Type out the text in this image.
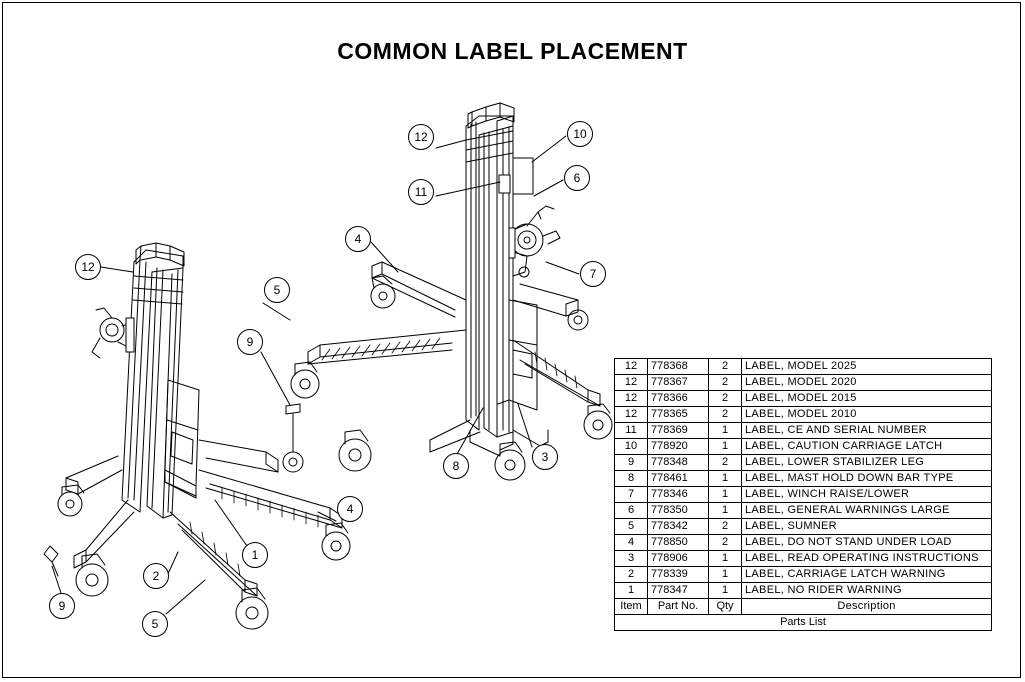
COMMON LABEL PLACEMENT
12
9
5
1
2
5
4
9
12
11
10
6
7
4
8
3
12	778368	2	LABEL, MODEL 2025
12	778367	2	LABEL, MODEL 2020
12	778366	2	LABEL, MODEL 2015
12	778365	2	LABEL, MODEL 2010
11	778369	1	LABEL, CE AND SERIAL NUMBER
10	778920	1	LABEL, CAUTION CARRIAGE LATCH
9	778348	2	LABEL, LOWER STABILIZER LEG
8	778461	1	LABEL, MAST HOLD DOWN BAR TYPE
7	778346	1	LABEL, WINCH RAISE/LOWER
6	778350	1	LABEL, GENERAL WARNINGS LARGE
5	778342	2	LABEL, SUMNER
4	778850	2	LABEL, DO NOT STAND UNDER LOAD
3	778906	1	LABEL, READ OPERATING INSTRUCTIONS
2	778339	1	LABEL, CARRIAGE LATCH WARNING
1	778347	1	LABEL, NO RIDER WARNING
Item	Part No.	Qty	Description
Parts List			
